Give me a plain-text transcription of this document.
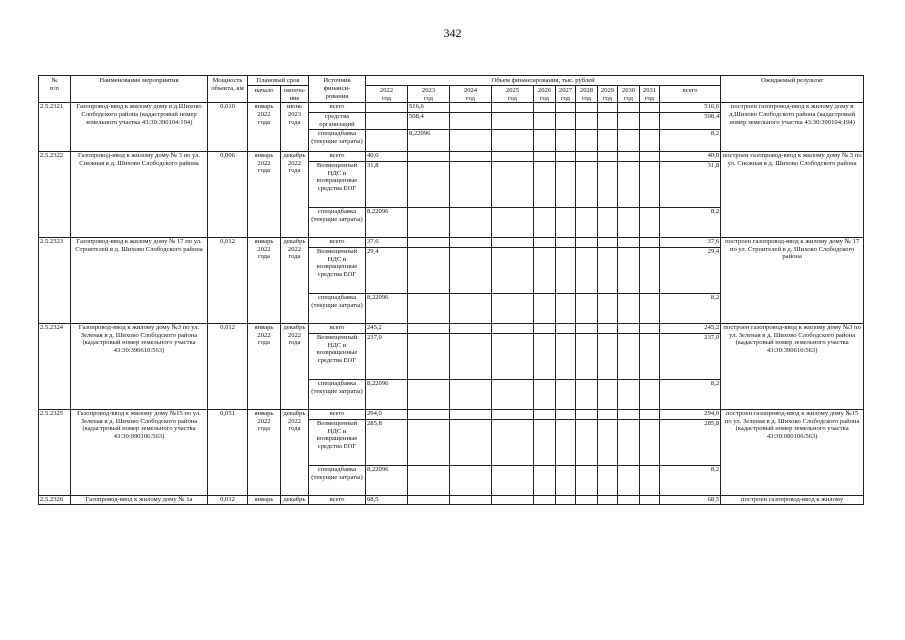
342
№
п/п	Наименование мероприятия	Мощность объекта, км	Плановый срок		Источник финанси-
рования	Объем финансирования, тыс. рублей											Ожидаемый результат
			начало	оконча-
ние		2022
год	2023
год	2024
год	2025
год	2026
год	2027
год	2028
год	2029
год	2030
год	2031
год	всего	
2.5.2321	Газопровод-ввод к жилому дому в д.Шихово Слободского района (кадастровый номер земельного участка 43:30:390104:194)	0,010	январь
2022
года	июнь
2023
года	всего		516,6									516,6	построен газопровод-ввод к жилому дому в д.Шихово Слободского района (кадастровый номер земельного участка 43:30:390104:194)
					средства организаций		508,4									508,4	
					спецнадбавка (текущие затраты)		8,22096									8,2	
2.5.2322	Газопровод-ввод к жилому дому № 3 по ул. Снежная в д. Шихово Слободского района	0,006	январь
2022
года	декабрь
2022
года	всего	40,0										40,0	построен газопровод-ввод к жилому дому № 3 по ул. Снежная в д. Шихово Слободского района
					Возмещенный НДС и возвращенные средства ЕОГ	31,8										31,8	
					спецнадбавка (текущие затраты)	8,22096										8,2	
2.5.2323	Газопровод-ввод к жилому дому № 17 по ул. Строителей в д. Шихово Слободского района	0,012	январь
2022
года	декабрь
2022
года	всего	37,6										37,6	построен газопровод-ввод к жилому дому № 17 по ул. Строителей в д. Шихово Слободского района
					Возмещенный НДС и возвращенные средства ЕОГ	29,4										29,4	
					спецнадбавка (текущие затраты)	8,22096										8,2	
2.5.2324	Газопровод-ввод к жилому дому №3 по ул. Зеленая в д. Шихово Слободского района (кадастровый номер земельного участка 43:30:390610:563)	0,012	январь
2022
года	декабрь
2022
года	всего	245,2										245,2	построен газопровод-ввод к жилому дому №3 по ул. Зеленая в д. Шихово Слободского района (кадастровый номер земельного участка 43:30:390610:563)
					Возмещенный НДС и возвращенные средства ЕОГ	237,0										237,0	
					спецнадбавка (текущие затраты)	8,22096										8,2	
2.5.2325	Газопровод-ввод к жилому дому №15 по ул. Зеленая в д. Шихово Слободского района (кадастровый номер земельного участка 43:30:090106:563)	0,051	январь
2022
года	декабрь
2022
года	всего	294,0										294,0	построен газопровод-ввод к жилому дому №15 по ул. Зеленая в д. Шихово Слободского района (кадастровый номер земельного участка 43:30:090106:563)
					Возмещенный НДС и возвращенные средства ЕОГ	285,8										285,8	
					спецнадбавка (текущие затраты)	8,22096										8,2	
2.5.2326	Газопровод-ввод к жилому дому № 1а	0,012	январь	декабрь	всего	68,5										68,5	построен газопровод-ввод к жилому
